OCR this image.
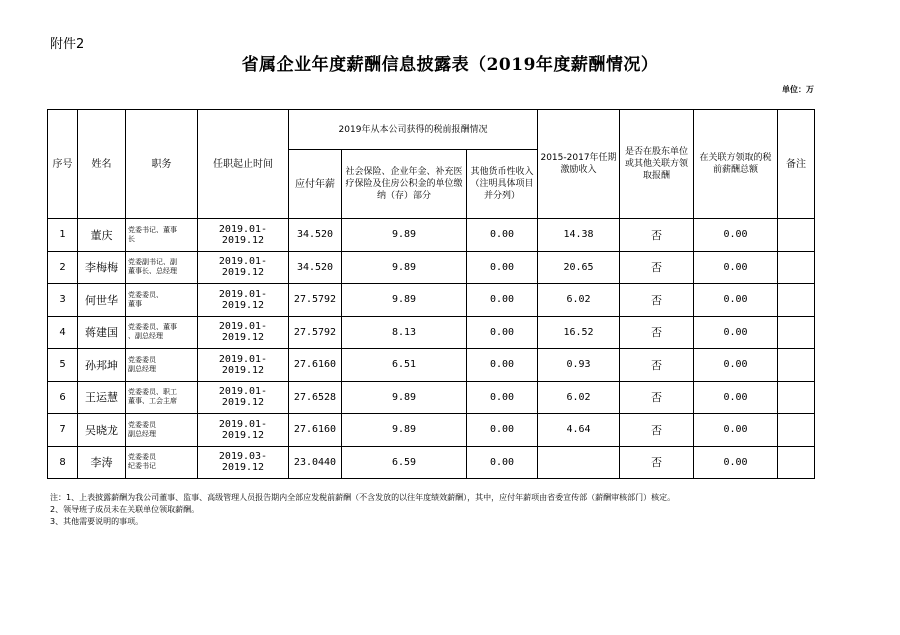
附件2
省属企业年度薪酬信息披露表（2019年度薪酬情况）
单位：万
序号	姓名	职务	任职起止时间	2019年从本公司获得的税前报酬情况			2015-2017年任期激励收入	是否在股东单位或其他关联方领取报酬	在关联方领取的税前薪酬总额	备注
				应付年薪	社会保险、企业年金、补充医疗保险及住房公积金的单位缴纳（存）部分	其他货币性收入（注明具体项目并分列）				
1	董庆	党委书记、董事
长	2019.01-2019.12	34.520	9.89	0.00	14.38	否	0.00	
2	李梅梅	党委副书记、副
董事长、总经理	2019.01-2019.12	34.520	9.89	0.00	20.65	否	0.00	
3	何世华	党委委员、
董事	2019.01-2019.12	27.5792	9.89	0.00	6.02	否	0.00	
4	蒋建国	党委委员、董事
、副总经理	2019.01-2019.12	27.5792	8.13	0.00	16.52	否	0.00	
5	孙邦坤	党委委员
副总经理	2019.01-2019.12	27.6160	6.51	0.00	0.93	否	0.00	
6	王运慧	党委委员、职工
董事、工会主席	2019.01-2019.12	27.6528	9.89	0.00	6.02	否	0.00	
7	吴晓龙	党委委员
副总经理	2019.01-2019.12	27.6160	9.89	0.00	4.64	否	0.00	
8	李涛	党委委员
纪委书记	2019.03-2019.12	23.0440	6.59	0.00		否	0.00	
注：1、上表披露薪酬为我公司董事、监事、高级管理人员报告期内全部应发税前薪酬（不含发放的以往年度绩效薪酬），其中，应付年薪项由省委宣传部（薪酬审核部门）核定。
2、领导班子成员未在关联单位领取薪酬。
3、其他需要说明的事项。
